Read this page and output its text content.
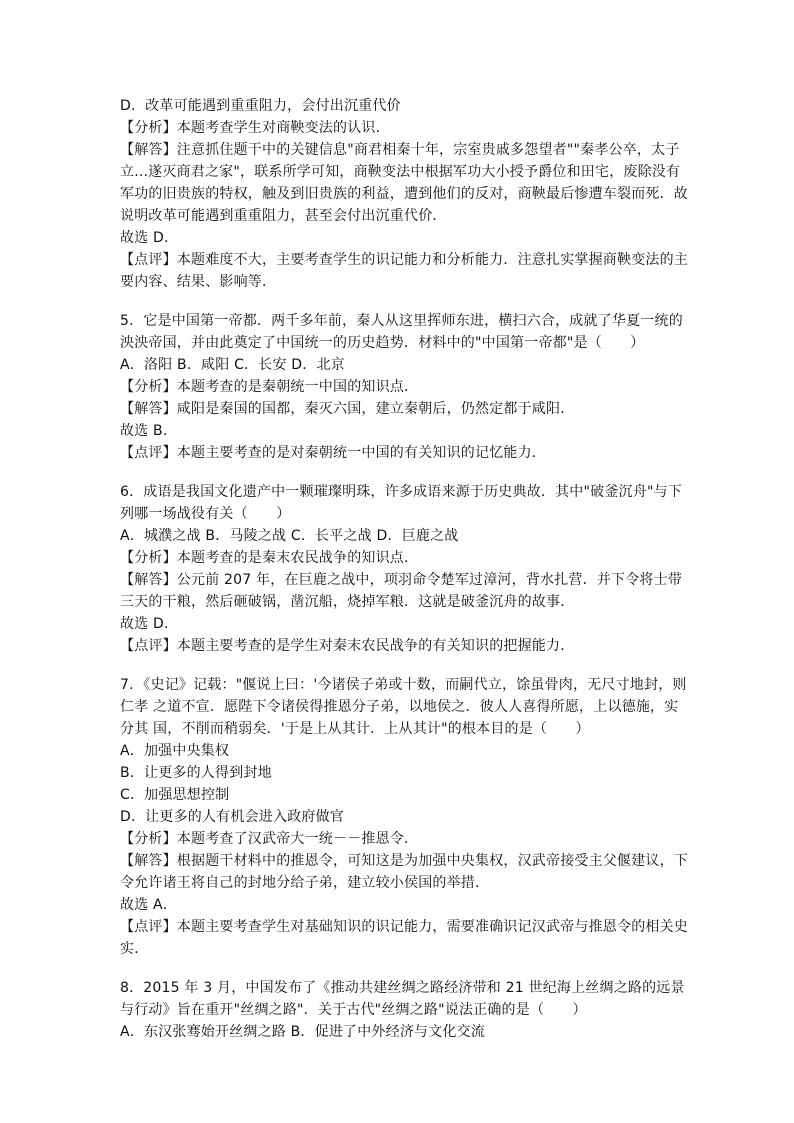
D．改革可能遇到重重阻力，会付出沉重代价
【分析】本题考查学生对商鞅变法的认识．
【解答】注意抓住题干中的关键信息"商君相秦十年，宗室贵戚多怨望者""秦孝公卒，太子
立...遂灭商君之家"，联系所学可知，商鞅变法中根据军功大小授予爵位和田宅，废除没有
军功的旧贵族的特权，触及到旧贵族的利益，遭到他们的反对，商鞅最后惨遭车裂而死．故
说明改革可能遇到重重阻力，甚至会付出沉重代价．
故选 D．
【点评】本题难度不大，主要考查学生的识记能力和分析能力．注意扎实掌握商鞅变法的主
要内容、结果、影响等．
5．它是中国第一帝都．两千多年前，秦人从这里挥师东进，横扫六合，成就了华夏一统的
泱泱帝国，并由此奠定了中国统一的历史趋势．材料中的"中国第一帝都"是（　　）
A．洛阳 B．咸阳 C．长安 D．北京
【分析】本题考查的是秦朝统一中国的知识点．
【解答】咸阳是秦国的国都，秦灭六国，建立秦朝后，仍然定都于咸阳．
故选 B．
【点评】本题主要考查的是对秦朝统一中国的有关知识的记忆能力．
6．成语是我国文化遗产中一颗璀璨明珠，许多成语来源于历史典故．其中"破釜沉舟"与下
列哪一场战役有关（　　）
A．城濮之战 B．马陵之战 C．长平之战 D．巨鹿之战
【分析】本题考查的是秦末农民战争的知识点．
【解答】公元前 207 年，在巨鹿之战中，项羽命令楚军过漳河，背水扎营．并下令将士带
三天的干粮，然后砸破锅，凿沉船，烧掉军粮．这就是破釜沉舟的故事．
故选 D．
【点评】本题主要考查的是学生对秦末农民战争的有关知识的把握能力．
7．《史记》记载："偃说上曰：'今诸侯子弟或十数，而嗣代立，馀虽骨肉，无尺寸地封，则
仁孝 之道不宣．愿陛下令诸侯得推恩分子弟，以地侯之．彼人人喜得所愿，上以德施，实
分其 国，不削而稍弱矣．'于是上从其计．上从其计"的根本目的是（　　）
A．加强中央集权
B．让更多的人得到封地
C．加强思想控制
D．让更多的人有机会进入政府做官
【分析】本题考查了汉武帝大一统－－推恩令．
【解答】根据题干材料中的推恩令，可知这是为加强中央集权，汉武帝接受主父偃建议，下
令允许诸王将自己的封地分给子弟，建立较小侯国的举措．
故选 A．
【点评】本题主要考查学生对基础知识的识记能力，需要准确识记汉武帝与推恩令的相关史
实．
8．2015 年 3 月，中国发布了《推动共建丝绸之路经济带和 21 世纪海上丝绸之路的远景
与行动》旨在重开"丝绸之路"．关于古代"丝绸之路"说法正确的是（　　）
A．东汉张骞始开丝绸之路 B．促进了中外经济与文化交流
